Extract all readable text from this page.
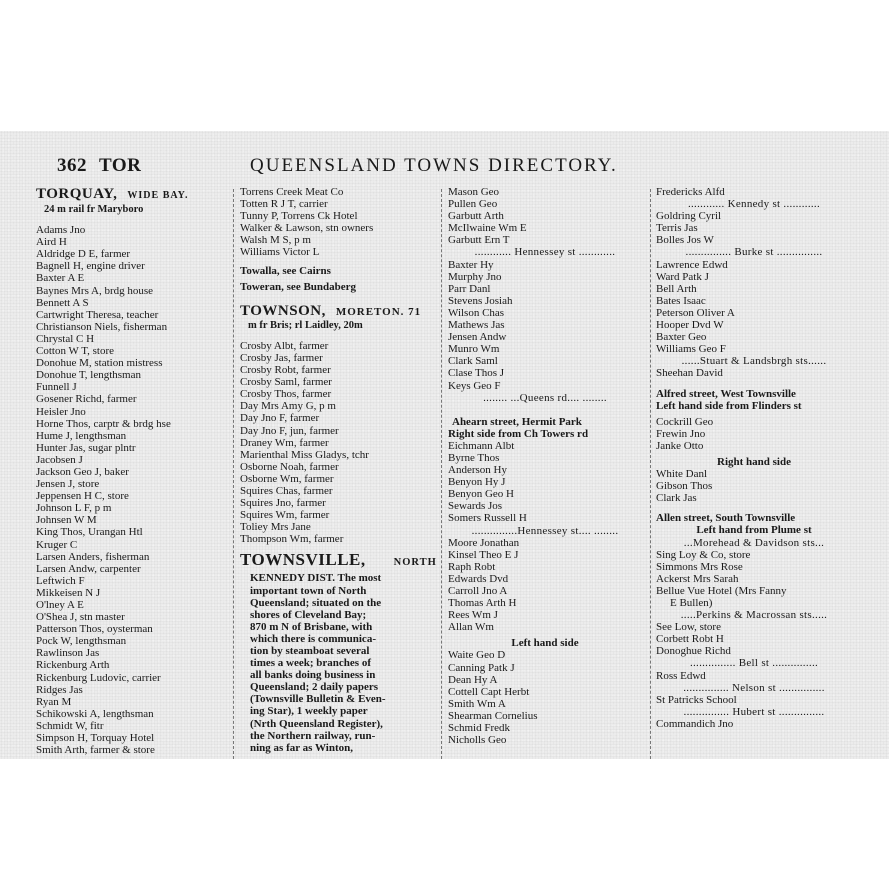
362 TOR	QUEENSLAND TOWNS DIRECTORY.
TORQUAY, WIDE BAY.
24 m rail fr Maryboro
Adams Jno
Aird H
Aldridge D E, farmer
Bagnell H, engine driver
Baxter A E
Baynes Mrs A, brdg house
Bennett A S
Cartwright Theresa, teacher
Christianson Niels, fisherman
Chrystal C H
Cotton W T, store
Donohue M, station mistress
Donohue T, lengthsman
Funnell J
Gosener Richd, farmer
Heisler Jno
Horne Thos, carptr & brdg hse
Hume J, lengthsman
Hunter Jas, sugar plntr
Jacobsen J
Jackson Geo J, baker
Jensen J, store
Jeppensen H C, store
Johnson L F, p m
Johnsen W M
King Thos, Urangan Htl
Kruger C
Larsen Anders, fisherman
Larsen Andw, carpenter
Leftwich F
Mikkeisen N J
O'lney A E
O'Shea J, stn master
Patterson Thos, oysterman
Pock W, lengthsman
Rawlinson Jas
Rickenburg Arth
Rickenburg Ludovic, carrier
Ridges Jas
Ryan M
Schikowski A, lengthsman
Schmidt W, fitr
Simpson H, Torquay Hotel
Smith Arth, farmer & store
Torrens Creek Meat Co
Totten R J T, carrier
Tunny P, Torrens Ck Hotel
Walker & Lawson, stn owners
Walsh M S, p m
Williams Victor L
Towalla, see Cairns
Toweran, see Bundaberg
TOWNSON, MORETON. 71
m fr Bris; rl Laidley, 20m
Crosby Albt, farmer
Crosby Jas, farmer
Crosby Robt, farmer
Crosby Saml, farmer
Crosby Thos, farmer
Day Mrs Amy G, p m
Day Jno F, farmer
Day Jno F, jun, farmer
Draney Wm, farmer
Marienthal Miss Gladys, tchr
Osborne Noah, farmer
Osborne Wm, farmer
Squires Chas, farmer
Squires Jno, farmer
Squires Wm, farmer
Toliey Mrs Jane
Thompson Wm, farmer
TOWNSVILLE,	NORTH
KENNEDY DIST. The most
important town of North
Queensland; situated on the
shores of Cleveland Bay;
870 m N of Brisbane, with
which there is communica-
tion by steamboat several
times a week; branches of
all banks doing business in
Queensland; 2 daily papers
(Townsville Bulletin & Even-
ing Star), 1 weekly paper
(Nrth Queensland Register),
the Northern railway, run-
ning as far as Winton,
Mason Geo
Pullen Geo
Garbutt Arth
McIlwaine Wm E
Garbutt Ern T
............ Hennessey st ............
Baxter Hy
Murphy Jno
Parr Danl
Stevens Josiah
Wilson Chas
Mathews Jas
Jensen Andw
Munro Wm
Clark Saml
Clase Thos J
Keys Geo F
........ ...Queens rd.... ........
Ahearn street, Hermit Park
Right side from Ch Towers rd
Eichmann Albt
Byrne Thos
Anderson Hy
Benyon Hy J
Benyon Geo H
Sewards Jos
Somers Russell H
...............Hennessey st.... ........
Moore Jonathan
Kinsel Theo E J
Raph Robt
Edwards Dvd
Carroll Jno A
Thomas Arth H
Rees Wm J
Allan Wm
Left hand side
Waite Geo D
Canning Patk J
Dean Hy A
Cottell Capt Herbt
Smith Wm A
Shearman Cornelius
Schmid Fredk
Nicholls Geo
Fredericks Alfd
............ Kennedy st ............
Goldring Cyril
Terris Jas
Bolles Jos W
............... Burke st ...............
Lawrence Edwd
Ward Patk J
Bell Arth
Bates Isaac
Peterson Oliver A
Hooper Dvd W
Baxter Geo
Williams Geo F
......Stuart & Landsbrgh sts......
Sheehan David
Alfred street, West Townsville
Left hand side from Flinders st
Cockrill Geo
Frewin Jno
Janke Otto
Right hand side
White Danl
Gibson Thos
Clark Jas
Allen street, South Townsville
Left hand from Plume st
...Morehead & Davidson sts...
Sing Loy & Co, store
Simmons Mrs Rose
Ackerst Mrs Sarah
Bellue Vue Hotel (Mrs Fanny
E Bullen)
.....Perkins & Macrossan sts.....
See Low, store
Corbett Robt H
Donoghue Richd
............... Bell st ...............
Ross Edwd
............... Nelson st ...............
St Patricks School
............... Hubert st ...............
Commandich Jno
